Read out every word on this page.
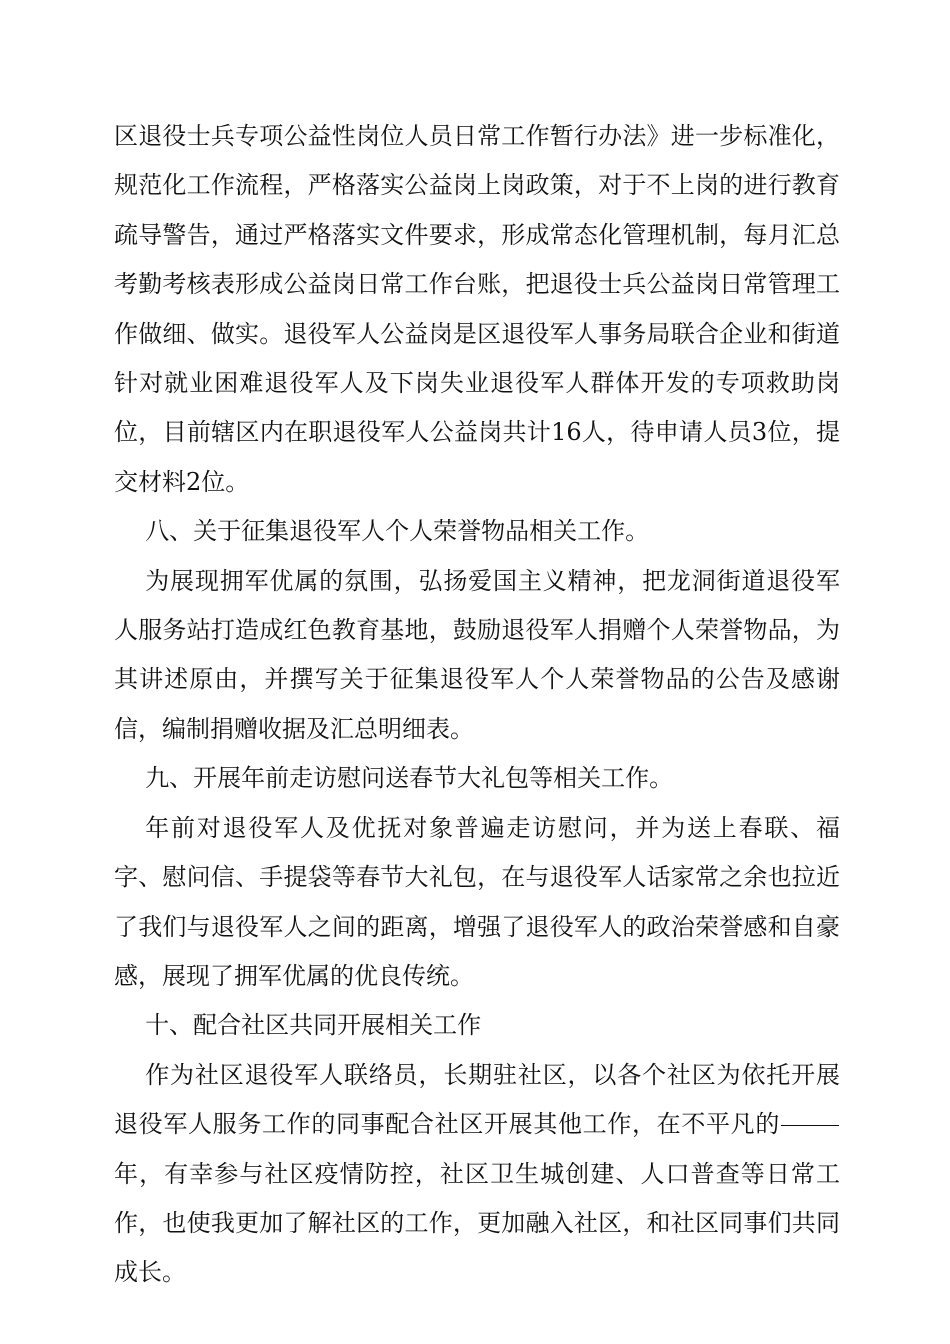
区退役士兵专项公益性岗位人员日常工作暂行办法》进一步标准化，规范化工作流程，严格落实公益岗上岗政策，对于不上岗的进行教育疏导警告，通过严格落实文件要求，形成常态化管理机制，每月汇总考勤考核表形成公益岗日常工作台账，把退役士兵公益岗日常管理工作做细、做实。退役军人公益岗是区退役军人事务局联合企业和街道针对就业困难退役军人及下岗失业退役军人群体开发的专项救助岗位，目前辖区内在职退役军人公益岗共计16人，待申请人员3位，提交材料2位。

八、关于征集退役军人个人荣誉物品相关工作。

为展现拥军优属的氛围，弘扬爱国主义精神，把龙洞街道退役军人服务站打造成红色教育基地，鼓励退役军人捐赠个人荣誉物品，为其讲述原由，并撰写关于征集退役军人个人荣誉物品的公告及感谢信，编制捐赠收据及汇总明细表。

九、开展年前走访慰问送春节大礼包等相关工作。

年前对退役军人及优抚对象普遍走访慰问，并为送上春联、福字、慰问信、手提袋等春节大礼包，在与退役军人话家常之余也拉近了我们与退役军人之间的距离，增强了退役军人的政治荣誉感和自豪感，展现了拥军优属的优良传统。

十、配合社区共同开展相关工作

作为社区退役军人联络员，长期驻社区，以各个社区为依托开展退役军人服务工作的同事配合社区开展其他工作，在不平凡的年，有幸参与社区疫情防控，社区卫生城创建、人口普查等日常工作，也使我更加了解社区的工作，更加融入社区，和社区同事们共同成长。
